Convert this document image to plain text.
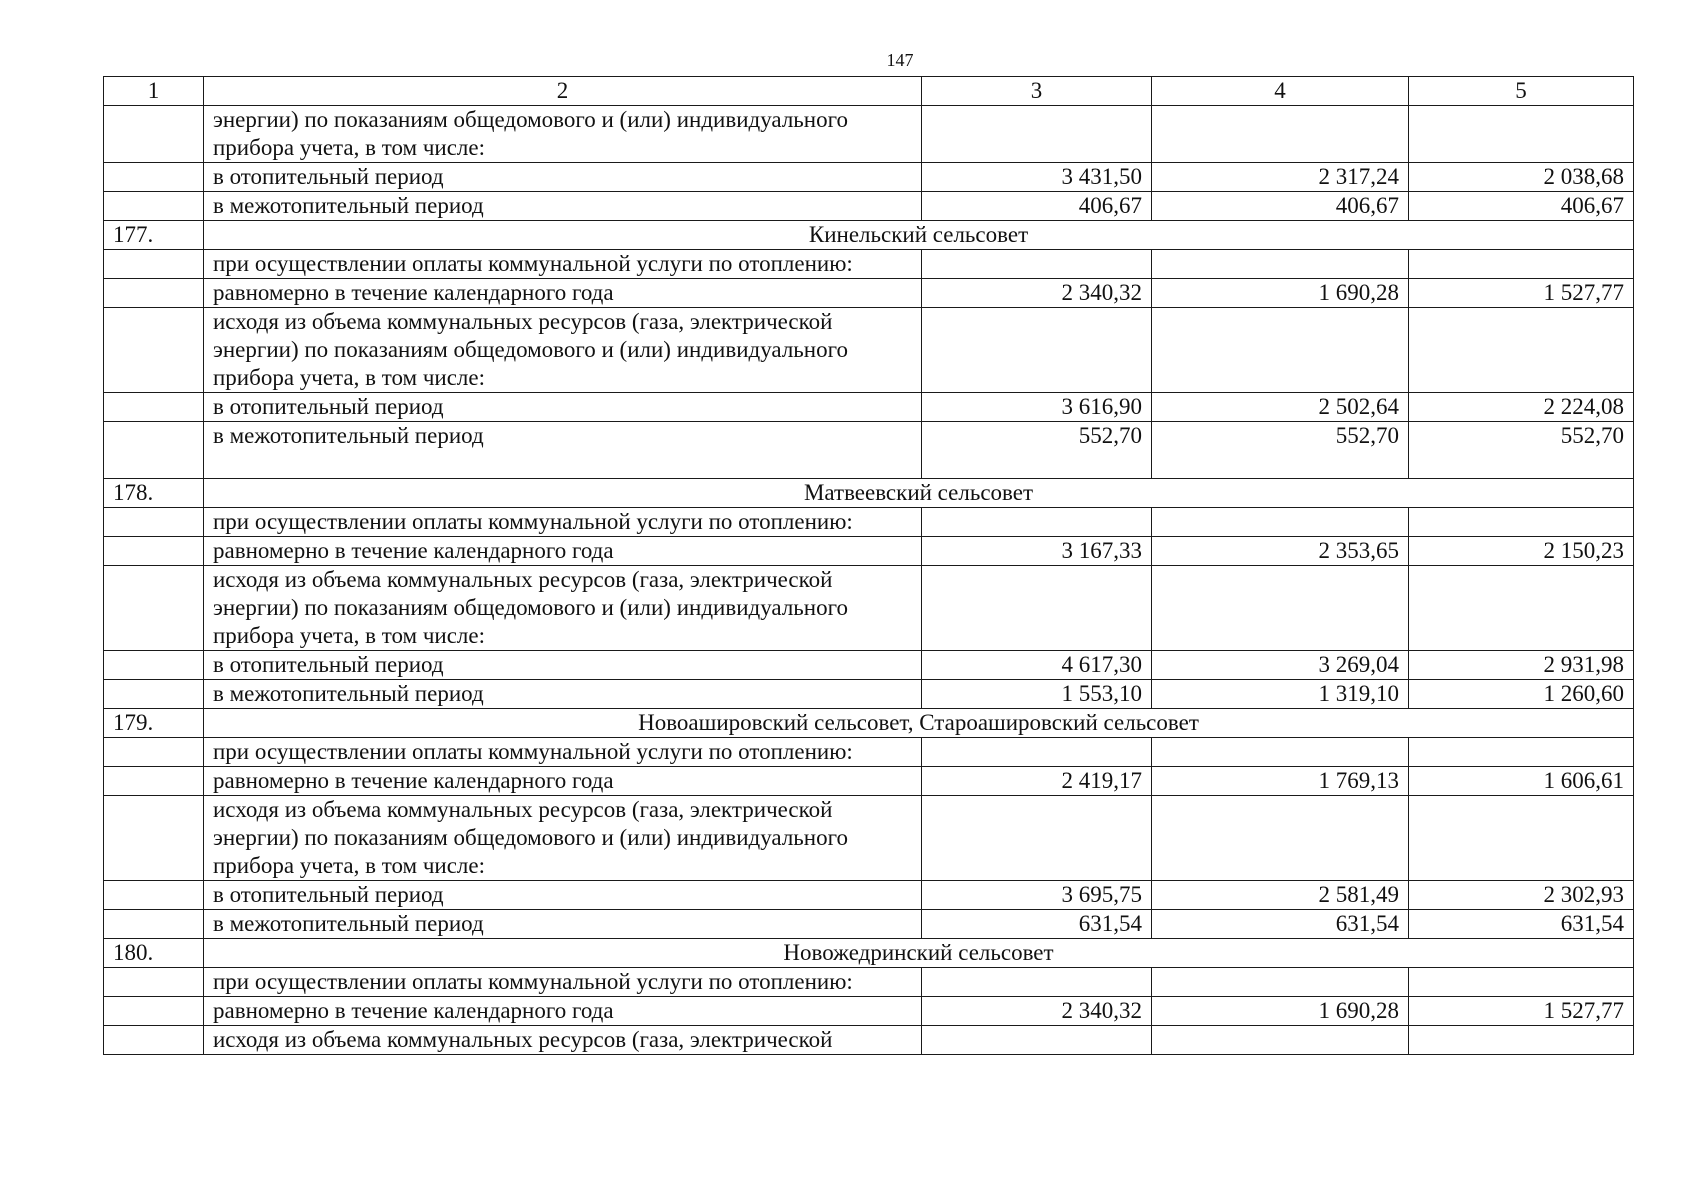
147
1	2	3	4	5
	энергии) по показаниям общедомового и (или) индивидуального прибора учета, в том числе:			
	в отопительный период	3 431,50	2 317,24	2 038,68
	в межотопительный период	406,67	406,67	406,67
177.	Кинельский сельсовет			
	при осуществлении оплаты коммунальной услуги по отоплению:			
	равномерно в течение календарного года	2 340,32	1 690,28	1 527,77
	исходя из объема коммунальных ресурсов (газа, электрической энергии) по показаниям общедомового и (или) индивидуального прибора учета, в том числе:			
	в отопительный период	3 616,90	2 502,64	2 224,08
	в межотопительный период	552,70	552,70	552,70
178.	Матвеевский сельсовет			
	при осуществлении оплаты коммунальной услуги по отоплению:			
	равномерно в течение календарного года	3 167,33	2 353,65	2 150,23
	исходя из объема коммунальных ресурсов (газа, электрической энергии) по показаниям общедомового и (или) индивидуального прибора учета, в том числе:			
	в отопительный период	4 617,30	3 269,04	2 931,98
	в межотопительный период	1 553,10	1 319,10	1 260,60
179.	Новоашировский сельсовет, Староашировский сельсовет			
	при осуществлении оплаты коммунальной услуги по отоплению:			
	равномерно в течение календарного года	2 419,17	1 769,13	1 606,61
	исходя из объема коммунальных ресурсов (газа, электрической энергии) по показаниям общедомового и (или) индивидуального прибора учета, в том числе:			
	в отопительный период	3 695,75	2 581,49	2 302,93
	в межотопительный период	631,54	631,54	631,54
180.	Новожедринский сельсовет			
	при осуществлении оплаты коммунальной услуги по отоплению:			
	равномерно в течение календарного года	2 340,32	1 690,28	1 527,77
	исходя из объема коммунальных ресурсов (газа, электрической			
